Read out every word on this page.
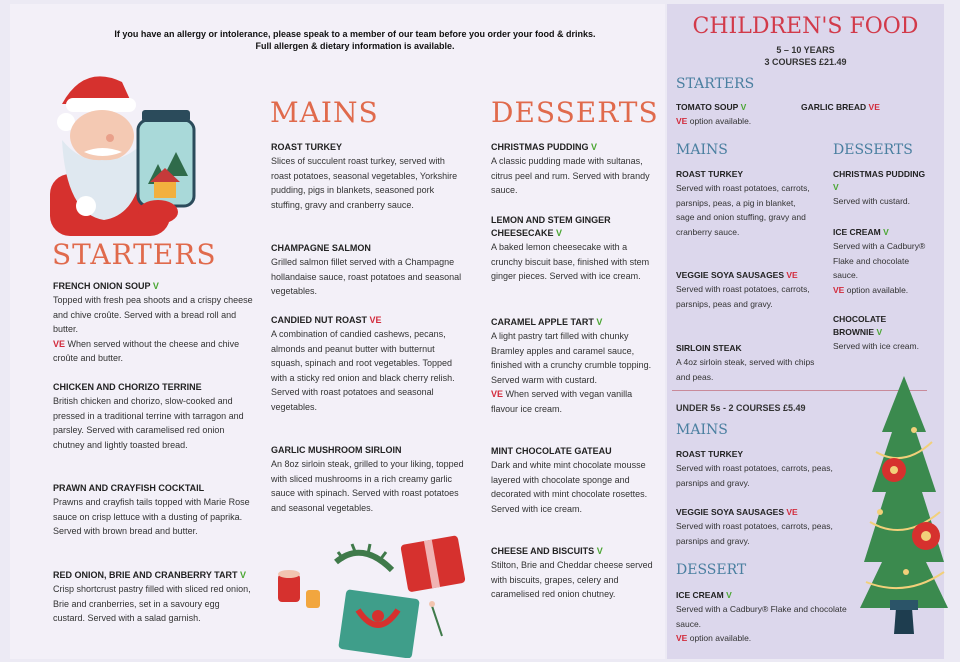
If you have an allergy or intolerance, please speak to a member of our team before you order your food & drinks.
Full allergen & dietary information is available.
STARTERS
FRENCH ONION SOUP V
Topped with fresh pea shoots and a crispy cheese and chive croûte. Served with a bread roll and butter.
VE When served without the cheese and chive croûte and butter.
CHICKEN AND CHORIZO TERRINE
British chicken and chorizo, slow-cooked and pressed in a traditional terrine with tarragon and parsley. Served with caramelised red onion chutney and lightly toasted bread.
PRAWN AND CRAYFISH COCKTAIL
Prawns and crayfish tails topped with Marie Rose sauce on crisp lettuce with a dusting of paprika. Served with brown bread and butter.
RED ONION, BRIE AND CRANBERRY TART V
Crisp shortcrust pastry filled with sliced red onion, Brie and cranberries, set in a savoury egg custard. Served with a salad garnish.
MAINS
ROAST TURKEY
Slices of succulent roast turkey, served with roast potatoes, seasonal vegetables, Yorkshire pudding, pigs in blankets, seasoned pork stuffing, gravy and cranberry sauce.
CHAMPAGNE SALMON
Grilled salmon fillet served with a Champagne hollandaise sauce, roast potatoes and seasonal vegetables.
CANDIED NUT ROAST VE
A combination of candied cashews, pecans, almonds and peanut butter with butternut squash, spinach and root vegetables. Topped with a sticky red onion and black cherry relish. Served with roast potatoes and seasonal vegetables.
GARLIC MUSHROOM SIRLOIN
An 8oz sirloin steak, grilled to your liking, topped with sliced mushrooms in a rich creamy garlic sauce with spinach. Served with roast potatoes and seasonal vegetables.
DESSERTS
CHRISTMAS PUDDING V
A classic pudding made with sultanas, citrus peel and rum. Served with brandy sauce.
LEMON AND STEM GINGER CHEESECAKE V
A baked lemon cheesecake with a crunchy biscuit base, finished with stem ginger pieces. Served with ice cream.
CARAMEL APPLE TART V
A light pastry tart filled with chunky Bramley apples and caramel sauce, finished with a crunchy crumble topping. Served warm with custard.
VE When served with vegan vanilla flavour ice cream.
MINT CHOCOLATE GATEAU
Dark and white mint chocolate mousse layered with chocolate sponge and decorated with mint chocolate rosettes. Served with ice cream.
CHEESE AND BISCUITS V
Stilton, Brie and Cheddar cheese served with biscuits, grapes, celery and caramelised red onion chutney.
CHILDREN'S FOOD
5 – 10 YEARS
3 COURSES £21.49
STARTERS
TOMATO SOUP V
VE option available.
GARLIC BREAD VE
MAINS	DESSERTS
ROAST TURKEY
Served with roast potatoes, carrots, parsnips, peas, a pig in blanket, sage and onion stuffing, gravy and cranberry sauce.
VEGGIE SOYA SAUSAGES VE
Served with roast potatoes, carrots, parsnips, peas and gravy.
SIRLOIN STEAK
A 4oz sirloin steak, served with chips and peas.
CHRISTMAS PUDDING V
Served with custard.
ICE CREAM V
Served with a Cadbury® Flake and chocolate sauce.
VE option available.
CHOCOLATE BROWNIE V
Served with ice cream.
UNDER 5s - 2 COURSES £5.49
MAINS
ROAST TURKEY
Served with roast potatoes, carrots, peas, parsnips and gravy.
VEGGIE SOYA SAUSAGES VE
Served with roast potatoes, carrots, peas, parsnips and gravy.
DESSERT
ICE CREAM V
Served with a Cadbury® Flake and chocolate sauce.
VE option available.
